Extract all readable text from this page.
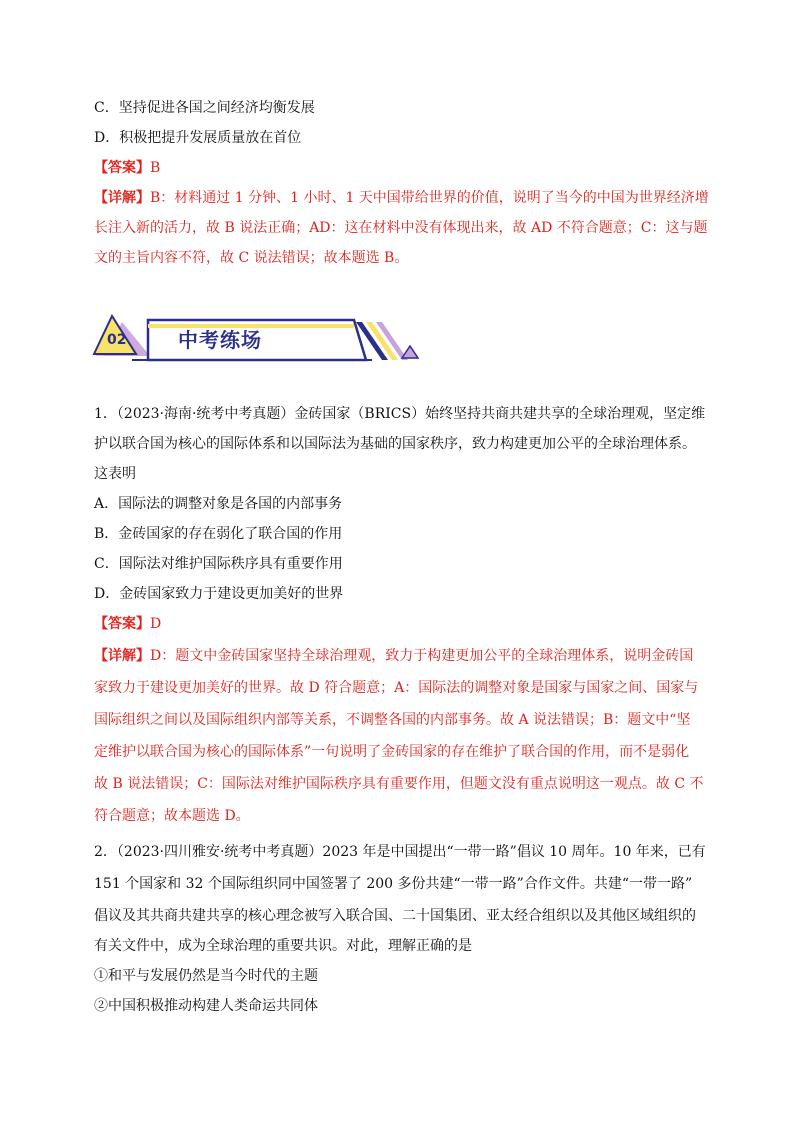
C．坚持促进各国之间经济均衡发展
D．积极把提升发展质量放在首位
【答案】B
【详解】B：材料通过 1 分钟、1 小时、1 天中国带给世界的价值，说明了当今的中国为世界经济增
长注入新的活力，故 B 说法正确；AD：这在材料中没有体现出来，故 AD 不符合题意；C：这与题
文的主旨内容不符，故 C 说法错误；故本题选 B。
02	中考练场
1．（2023·海南·统考中考真题）金砖国家（BRICS）始终坚持共商共建共享的全球治理观，坚定维
护以联合国为核心的国际体系和以国际法为基础的国家秩序，致力构建更加公平的全球治理体系。
这表明
A．国际法的调整对象是各国的内部事务
B．金砖国家的存在弱化了联合国的作用
C．国际法对维护国际秩序具有重要作用
D．金砖国家致力于建设更加美好的世界
【答案】D
【详解】D：题文中金砖国家坚持全球治理观，致力于构建更加公平的全球治理体系，说明金砖国
家致力于建设更加美好的世界。故 D 符合题意；A：国际法的调整对象是国家与国家之间、国家与
国际组织之间以及国际组织内部等关系，不调整各国的内部事务。故 A 说法错误；B：题文中“坚
定维护以联合国为核心的国际体系”一句说明了金砖国家的存在维护了联合国的作用，而不是弱化
故 B 说法错误；C：国际法对维护国际秩序具有重要作用，但题文没有重点说明这一观点。故 C 不
符合题意；故本题选 D。
2．（2023·四川雅安·统考中考真题）2023 年是中国提出“一带一路”倡议 10 周年。10 年来，已有
151 个国家和 32 个国际组织同中国签署了 200 多份共建“一带一路”合作文件。共建“一带一路”
倡议及其共商共建共享的核心理念被写入联合国、二十国集团、亚太经合组织以及其他区域组织的
有关文件中，成为全球治理的重要共识。对此，理解正确的是
①和平与发展仍然是当今时代的主题
②中国积极推动构建人类命运共同体
